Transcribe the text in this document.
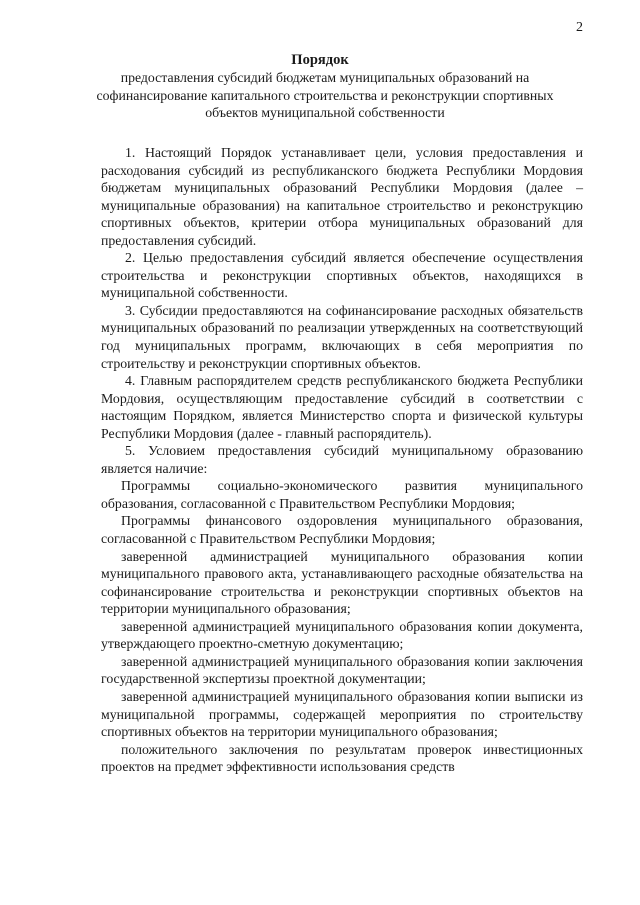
2
Порядок
предоставления субсидий бюджетам муниципальных образований на софинансирование капитального строительства и реконструкции спортивных объектов муниципальной собственности

1. Настоящий Порядок устанавливает цели, условия предоставления и расходования субсидий из республиканского бюджета Республики Мордовия бюджетам муниципальных образований Республики Мордовия (далее – муниципальные образования) на капитальное строительство и реконструкцию спортивных объектов, критерии отбора муниципальных образований для предоставления субсидий.

2. Целью предоставления субсидий является обеспечение осуществления строительства и реконструкции спортивных объектов, находящихся в муниципальной собственности.

3. Субсидии предоставляются на софинансирование расходных обязательств муниципальных образований по реализации утвержденных на соответствующий год муниципальных программ, включающих в себя мероприятия по строительству и реконструкции спортивных объектов.

4. Главным распорядителем средств республиканского бюджета Республики Мордовия, осуществляющим предоставление субсидий в соответствии с настоящим Порядком, является Министерство спорта и физической культуры Республики Мордовия (далее - главный распорядитель).

5. Условием предоставления субсидий муниципальному образованию является наличие:

Программы социально-экономического развития муниципального образования, согласованной с Правительством Республики Мордовия;

Программы финансового оздоровления муниципального образования, согласованной с Правительством Республики Мордовия;

заверенной администрацией муниципального образования копии муниципального правового акта, устанавливающего расходные обязательства на софинансирование строительства и реконструкции спортивных объектов на территории муниципального образования;

заверенной администрацией муниципального образования копии документа, утверждающего проектно-сметную документацию;

заверенной администрацией муниципального образования копии заключения государственной экспертизы проектной документации;

заверенной администрацией муниципального образования копии выписки из муниципальной программы, содержащей мероприятия по строительству спортивных объектов на территории муниципального образования;

положительного заключения по результатам проверок инвестиционных проектов на предмет эффективности использования средств
